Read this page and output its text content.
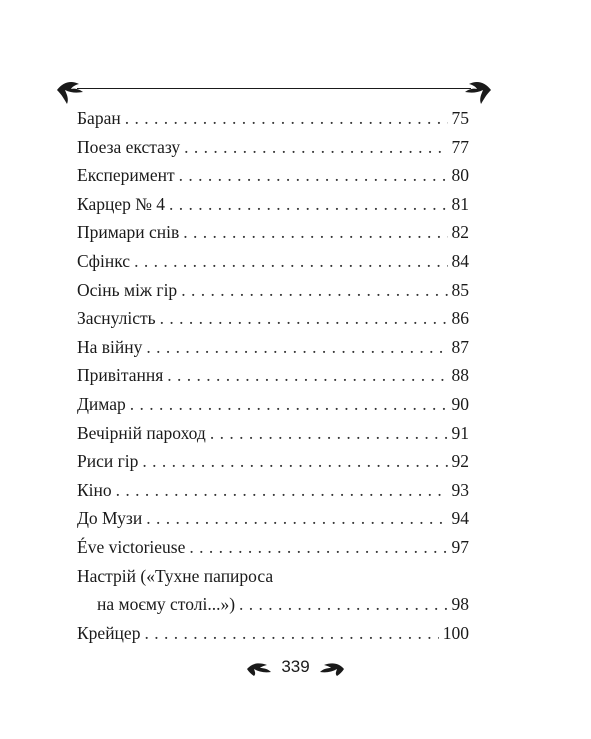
Баран . . .	75
Поеза екстазу . . .	77
Експеримент . . .	80
Карцер № 4 . . .	81
Примари снів . . .	82
Сфінкс . . .	84
Осінь між гір . . .	85
Заснулість . . .	86
На війну . . .	87
Привітання . . .	88
Димар . . .	90
Вечірній пароход . . .	91
Риси гір . . .	92
Кіно . . .	93
До Музи . . .	94
Éve victorieuse . . .	97
Настрій («Тухне папироса
на моєму столі...») . . .	98
Крейцер . . .	100
339
